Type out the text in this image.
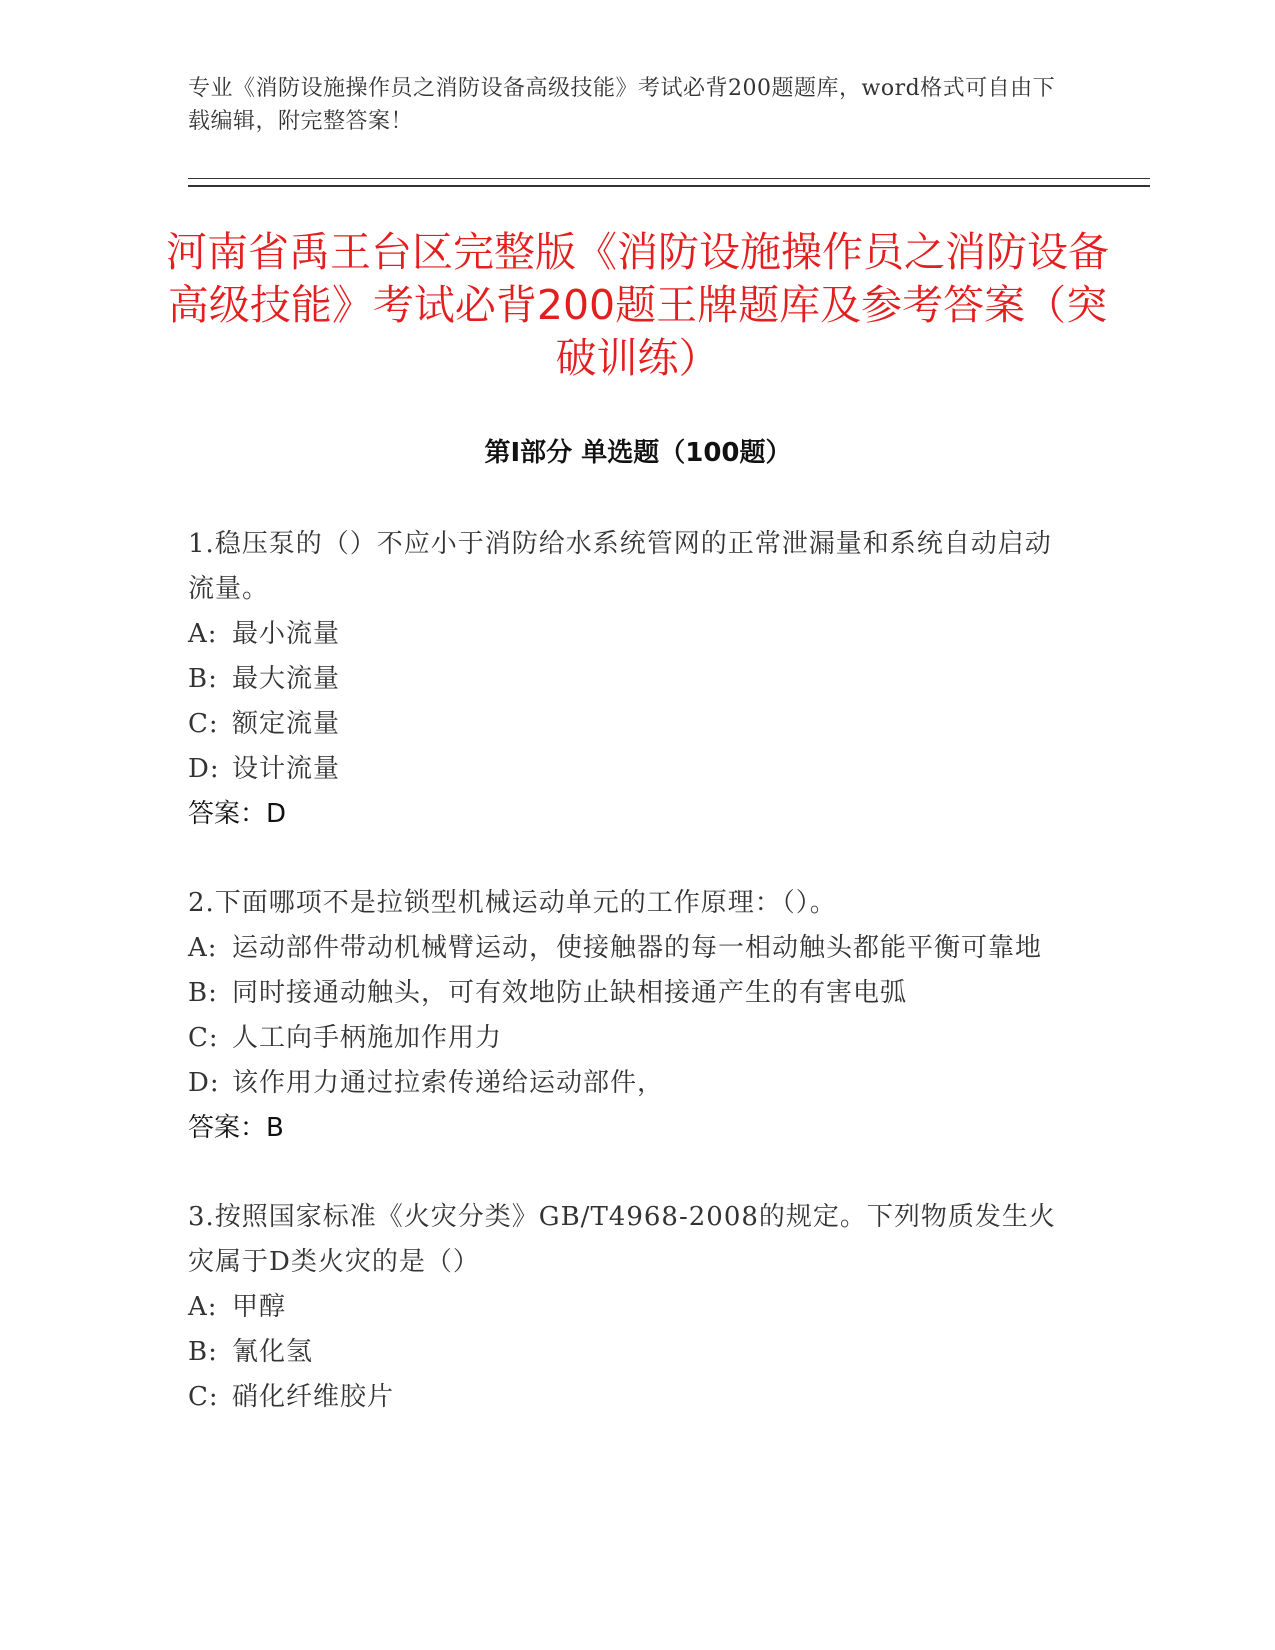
专业《消防设施操作员之消防设备高级技能》考试必背200题题库，word格式可自由下载编辑，附完整答案！
河南省禹王台区完整版《消防设施操作员之消防设备高级技能》考试必背200题王牌题库及参考答案（突破训练）
第Ⅰ部分 单选题（100题）
1.稳压泵的（）不应小于消防给水系统管网的正常泄漏量和系统自动启动流量。
A: 最小流量
B: 最大流量
C: 额定流量
D: 设计流量
答案：D
2.下面哪项不是拉锁型机械运动单元的工作原理：（）。
A: 运动部件带动机械臂运动，使接触器的每一相动触头都能平衡可靠地
B: 同时接通动触头，可有效地防止缺相接通产生的有害电弧
C: 人工向手柄施加作用力
D: 该作用力通过拉索传递给运动部件，
答案：B
3.按照国家标准《火灾分类》GB/T4968-2008的规定。下列物质发生火灾属于D类火灾的是（）
A: 甲醇
B: 氰化氢
C: 硝化纤维胶片
